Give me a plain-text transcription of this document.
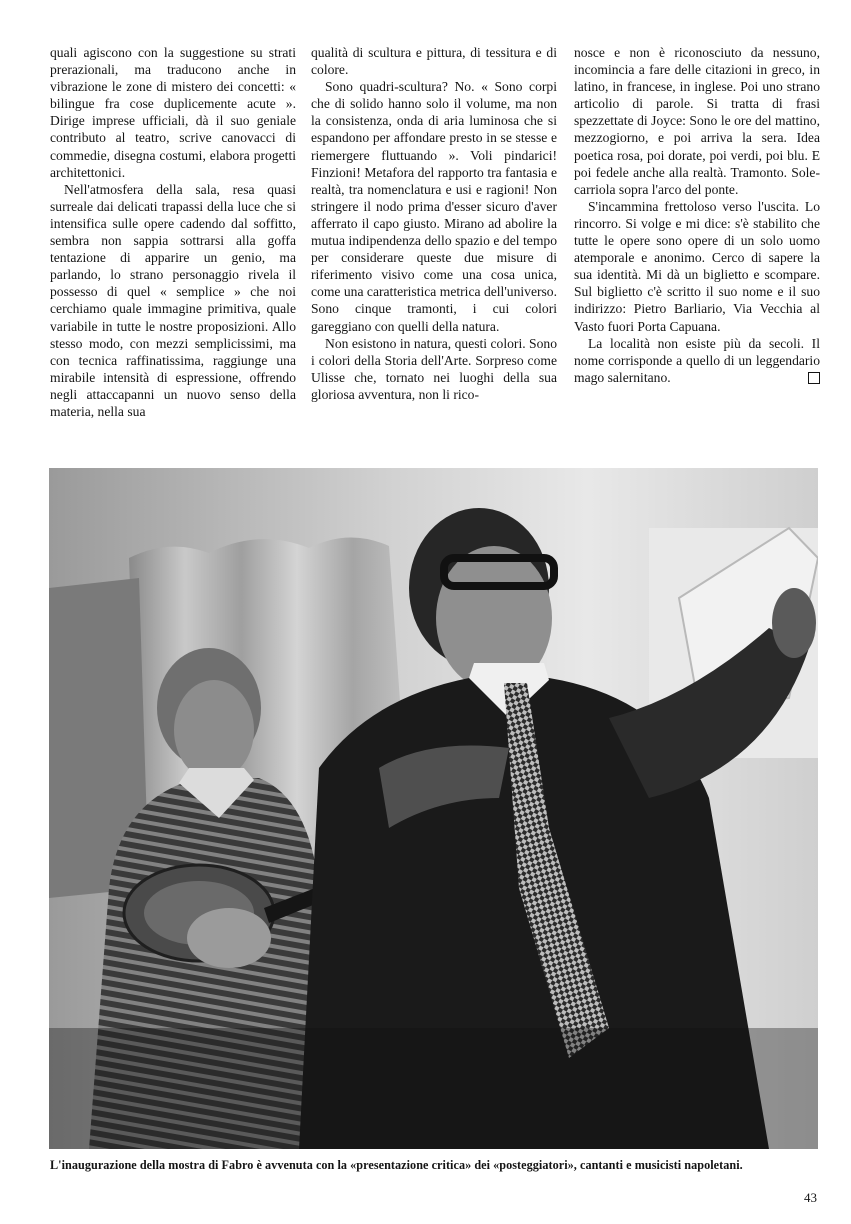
quali agiscono con la suggestione su strati prerazionali, ma traducono anche in vibrazione le zone di mistero dei concetti: « bilingue fra cose duplicemente acute ». Dirige imprese ufficiali, dà il suo geniale contributo al teatro, scrive canovacci di commedie, disegna costumi, elabora progetti architettonici.

Nell'atmosfera della sala, resa quasi surreale dai delicati trapassi della luce che si intensifica sulle opere cadendo dal soffitto, sembra non sappia sottrarsi alla goffa tentazione di apparire un genio, ma parlando, lo strano personaggio rivela il possesso di quel « semplice » che noi cerchiamo quale immagine primitiva, quale variabile in tutte le nostre proposizioni. Allo stesso modo, con mezzi semplicissimi, ma con tecnica raffinatissima, raggiunge una mirabile intensità di espressione, offrendo negli attaccapanni un nuovo senso della materia, nella sua

qualità di scultura e pittura, di tessitura e di colore.

Sono quadri-scultura? No. « Sono corpi che di solido hanno solo il volume, ma non la consistenza, onda di aria luminosa che si espandono per affondare presto in se stesse e riemergere fluttuando ». Voli pindarici! Finzioni! Metafora del rapporto tra fantasia e realtà, tra nomenclatura e usi e ragioni! Non stringere il nodo prima d'esser sicuro d'aver afferrato il capo giusto. Mirano ad abolire la mutua indipendenza dello spazio e del tempo per considerare queste due misure di riferimento visivo come una cosa unica, come una caratteristica metrica dell'universo. Sono cinque tramonti, i cui colori gareggiano con quelli della natura.

Non esistono in natura, questi colori. Sono i colori della Storia dell'Arte. Sorpreso come Ulisse che, tornato nei luoghi della sua gloriosa avventura, non li rico-

nosce e non è riconosciuto da nessuno, incomincia a fare delle citazioni in greco, in latino, in francese, in inglese. Poi uno strano articolio di parole. Si tratta di frasi spezzettate di Joyce: Sono le ore del mattino, mezzogiorno, e poi arriva la sera. Idea poetica rosa, poi dorate, poi verdi, poi blu. E poi fedele anche alla realtà. Tramonto. Sole-carriola sopra l'arco del ponte.

S'incammina frettoloso verso l'uscita. Lo rincorro. Si volge e mi dice: s'è stabilito che tutte le opere sono opere di un solo uomo atemporale e anonimo. Cerco di sapere la sua identità. Mi dà un biglietto e scompare. Sul biglietto c'è scritto il suo nome e il suo indirizzo: Pietro Barliario, Via Vecchia al Vasto fuori Porta Capuana.

La località non esiste più da secoli. Il nome corrisponde a quello di un leggendario mago salernitano.

L'inaugurazione della mostra di Fabro è avvenuta con la «presentazione critica» dei «posteggiatori», cantanti e musicisti napoletani.
43
